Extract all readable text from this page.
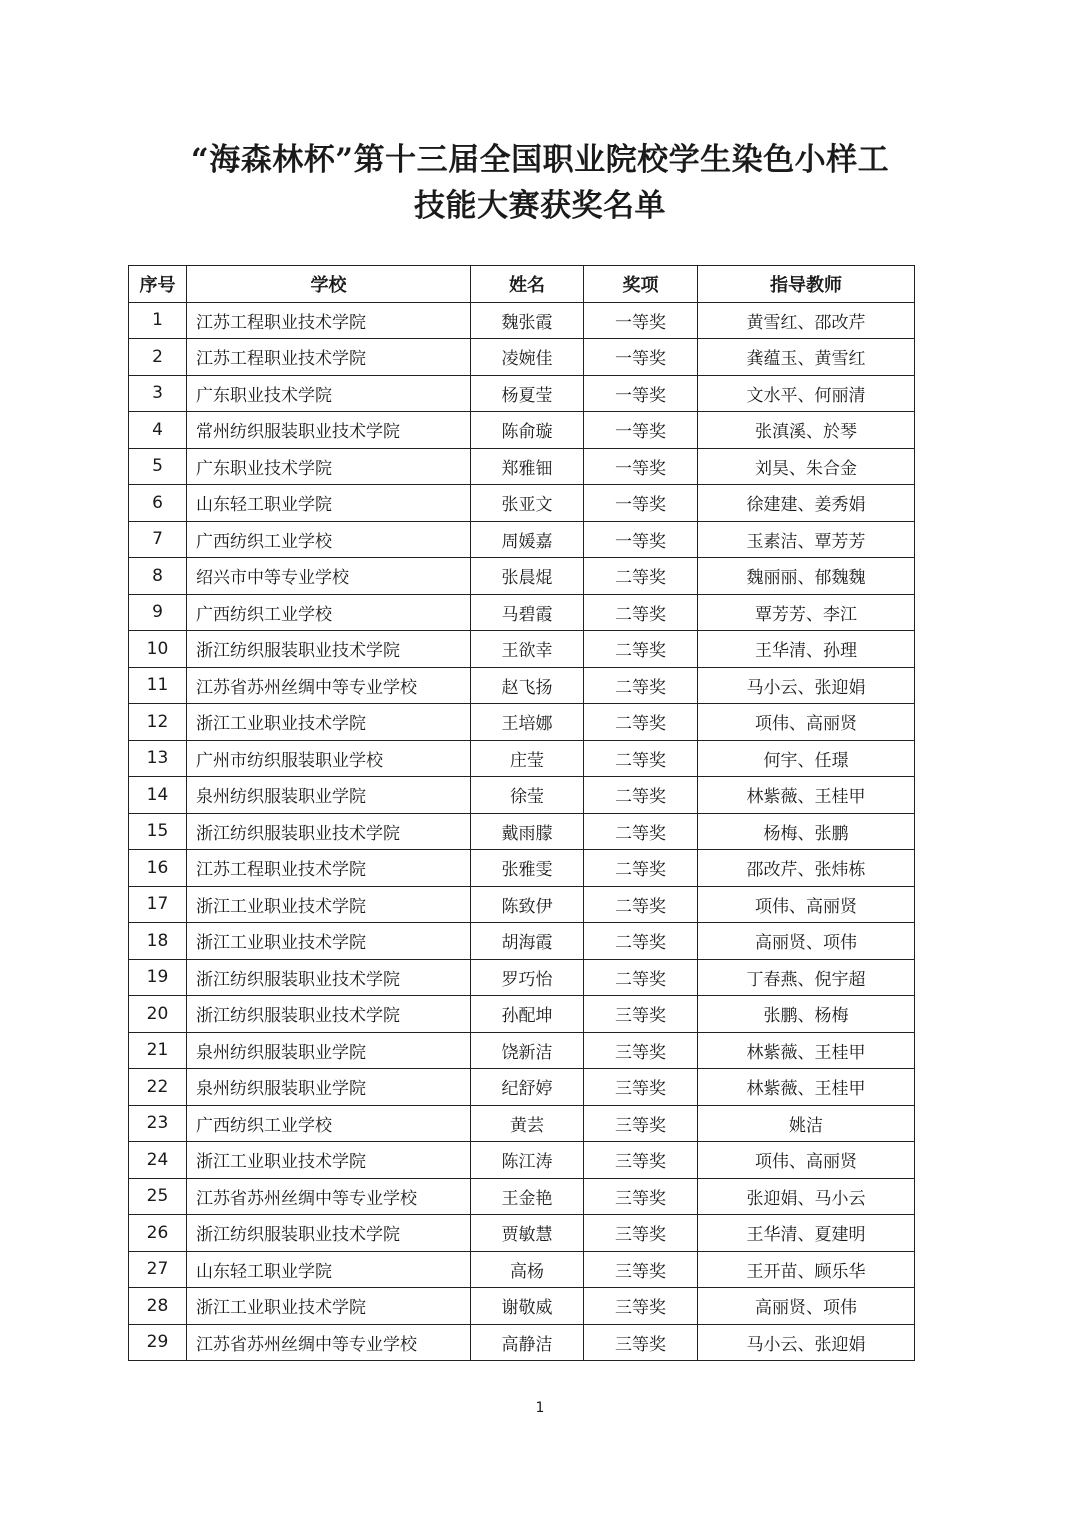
“海森林杯”第十三届全国职业院校学生染色小样工
技能大赛获奖名单
序号	学校	姓名	奖项	指导教师
1	江苏工程职业技术学院	魏张霞	一等奖	黄雪红、邵改芹
2	江苏工程职业技术学院	凌婉佳	一等奖	龚蕴玉、黄雪红
3	广东职业技术学院	杨夏莹	一等奖	文水平、何丽清
4	常州纺织服装职业技术学院	陈俞璇	一等奖	张滇溪、於琴
5	广东职业技术学院	郑雅钿	一等奖	刘昊、朱合金
6	山东轻工职业学院	张亚文	一等奖	徐建建、姜秀娟
7	广西纺织工业学校	周媛嘉	一等奖	玉素洁、覃芳芳
8	绍兴市中等专业学校	张晨焜	二等奖	魏丽丽、郁魏魏
9	广西纺织工业学校	马碧霞	二等奖	覃芳芳、李江
10	浙江纺织服装职业技术学院	王欲幸	二等奖	王华清、孙理
11	江苏省苏州丝绸中等专业学校	赵飞扬	二等奖	马小云、张迎娟
12	浙江工业职业技术学院	王培娜	二等奖	项伟、高丽贤
13	广州市纺织服装职业学校	庄莹	二等奖	何宇、任璟
14	泉州纺织服装职业学院	徐莹	二等奖	林紫薇、王桂甲
15	浙江纺织服装职业技术学院	戴雨朦	二等奖	杨梅、张鹏
16	江苏工程职业技术学院	张雅雯	二等奖	邵改芹、张炜栋
17	浙江工业职业技术学院	陈致伊	二等奖	项伟、高丽贤
18	浙江工业职业技术学院	胡海霞	二等奖	高丽贤、项伟
19	浙江纺织服装职业技术学院	罗巧怡	二等奖	丁春燕、倪宇超
20	浙江纺织服装职业技术学院	孙配坤	三等奖	张鹏、杨梅
21	泉州纺织服装职业学院	饶新洁	三等奖	林紫薇、王桂甲
22	泉州纺织服装职业学院	纪舒婷	三等奖	林紫薇、王桂甲
23	广西纺织工业学校	黄芸	三等奖	姚洁
24	浙江工业职业技术学院	陈江涛	三等奖	项伟、高丽贤
25	江苏省苏州丝绸中等专业学校	王金艳	三等奖	张迎娟、马小云
26	浙江纺织服装职业技术学院	贾敏慧	三等奖	王华清、夏建明
27	山东轻工职业学院	高杨	三等奖	王开苗、顾乐华
28	浙江工业职业技术学院	谢敬威	三等奖	高丽贤、项伟
29	江苏省苏州丝绸中等专业学校	高静洁	三等奖	马小云、张迎娟
1
